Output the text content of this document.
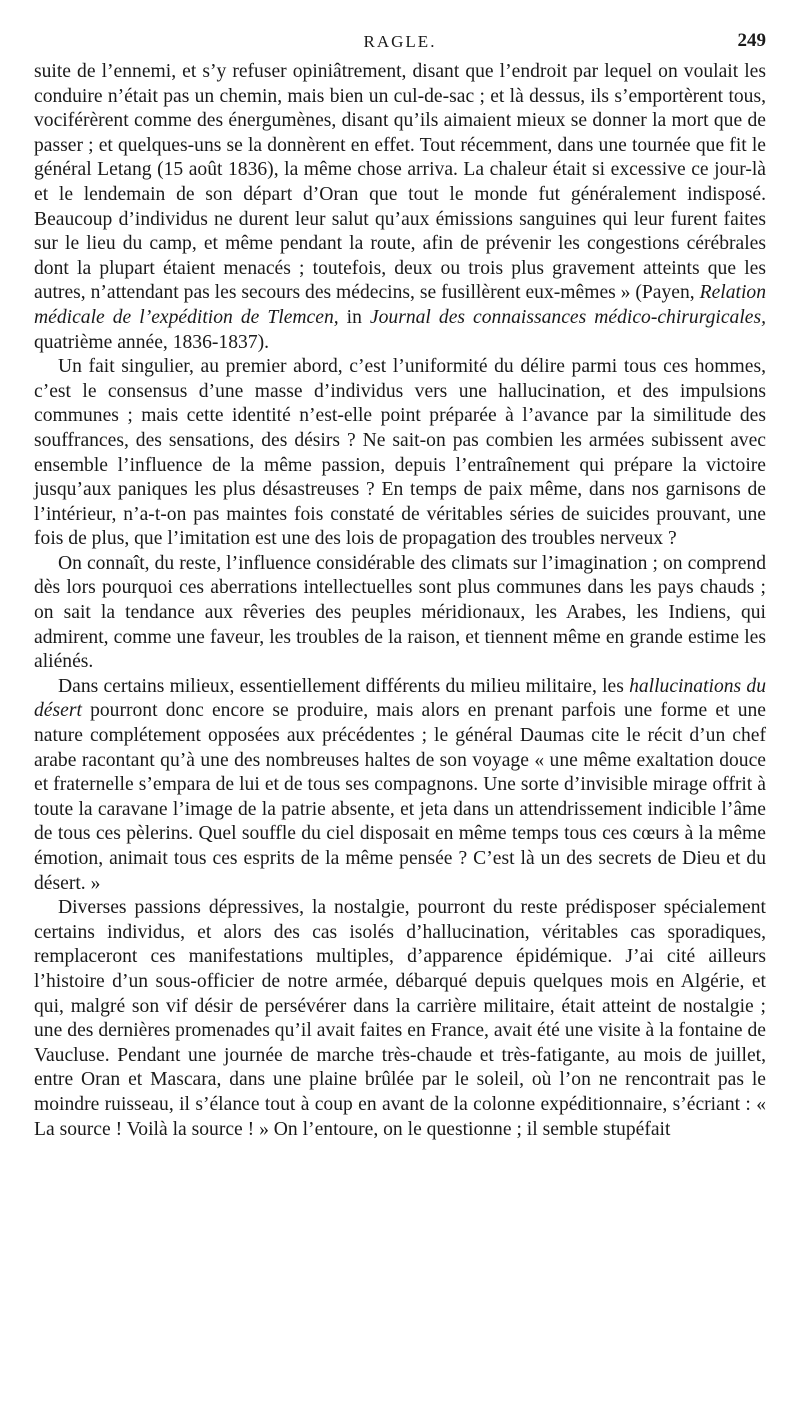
RAGLE.	249

suite de l’ennemi, et s’y refuser opiniâtrement, disant que l’endroit par lequel on voulait les conduire n’était pas un chemin, mais bien un cul-de-sac ; et là dessus, ils s’emportèrent tous, vociférèrent comme des énergumènes, disant qu’ils aimaient mieux se donner la mort que de passer ; et quelques-uns se la donnèrent en effet. Tout récemment, dans une tournée que fit le général Letang (15 août 1836), la même chose arriva. La chaleur était si excessive ce jour-là et le lendemain de son départ d’Oran que tout le monde fut généralement indisposé. Beaucoup d’individus ne durent leur salut qu’aux émissions sanguines qui leur furent faites sur le lieu du camp, et même pendant la route, afin de prévenir les congestions cérébrales dont la plupart étaient menacés ; toutefois, deux ou trois plus gravement atteints que les autres, n’attendant pas les secours des médecins, se fusillèrent eux-mêmes » (Payen, Relation médicale de l’expédition de Tlemcen, in Journal des connaissances médico-chirurgicales, quatrième année, 1836-1837).

Un fait singulier, au premier abord, c’est l’uniformité du délire parmi tous ces hommes, c’est le consensus d’une masse d’individus vers une hallucination, et des impulsions communes ; mais cette identité n’est-elle point préparée à l’avance par la similitude des souffrances, des sensations, des désirs ? Ne sait-on pas combien les armées subissent avec ensemble l’influence de la même passion, depuis l’entraînement qui prépare la victoire jusqu’aux paniques les plus désastreuses ? En temps de paix même, dans nos garnisons de l’intérieur, n’a-t-on pas maintes fois constaté de véritables séries de suicides prouvant, une fois de plus, que l’imitation est une des lois de propagation des troubles nerveux ?

On connaît, du reste, l’influence considérable des climats sur l’imagination ; on comprend dès lors pourquoi ces aberrations intellectuelles sont plus communes dans les pays chauds ; on sait la tendance aux rêveries des peuples méridionaux, les Arabes, les Indiens, qui admirent, comme une faveur, les troubles de la raison, et tiennent même en grande estime les aliénés.

Dans certains milieux, essentiellement différents du milieu militaire, les hallucinations du désert pourront donc encore se produire, mais alors en prenant parfois une forme et une nature complétement opposées aux précédentes ; le général Daumas cite le récit d’un chef arabe racontant qu’à une des nombreuses haltes de son voyage « une même exaltation douce et fraternelle s’empara de lui et de tous ses compagnons. Une sorte d’invisible mirage offrit à toute la caravane l’image de la patrie absente, et jeta dans un attendrissement indicible l’âme de tous ces pèlerins. Quel souffle du ciel disposait en même temps tous ces cœurs à la même émotion, animait tous ces esprits de la même pensée ? C’est là un des secrets de Dieu et du désert. »

Diverses passions dépressives, la nostalgie, pourront du reste prédisposer spécialement certains individus, et alors des cas isolés d’hallucination, véritables cas sporadiques, remplaceront ces manifestations multiples, d’apparence épidémique. J’ai cité ailleurs l’histoire d’un sous-officier de notre armée, débarqué depuis quelques mois en Algérie, et qui, malgré son vif désir de persévérer dans la carrière militaire, était atteint de nostalgie ; une des dernières promenades qu’il avait faites en France, avait été une visite à la fontaine de Vaucluse. Pendant une journée de marche très-chaude et très-fatigante, au mois de juillet, entre Oran et Mascara, dans une plaine brûlée par le soleil, où l’on ne rencontrait pas le moindre ruisseau, il s’élance tout à coup en avant de la colonne expéditionnaire, s’écriant : « La source ! Voilà la source ! » On l’entoure, on le questionne ; il semble stupéfait
